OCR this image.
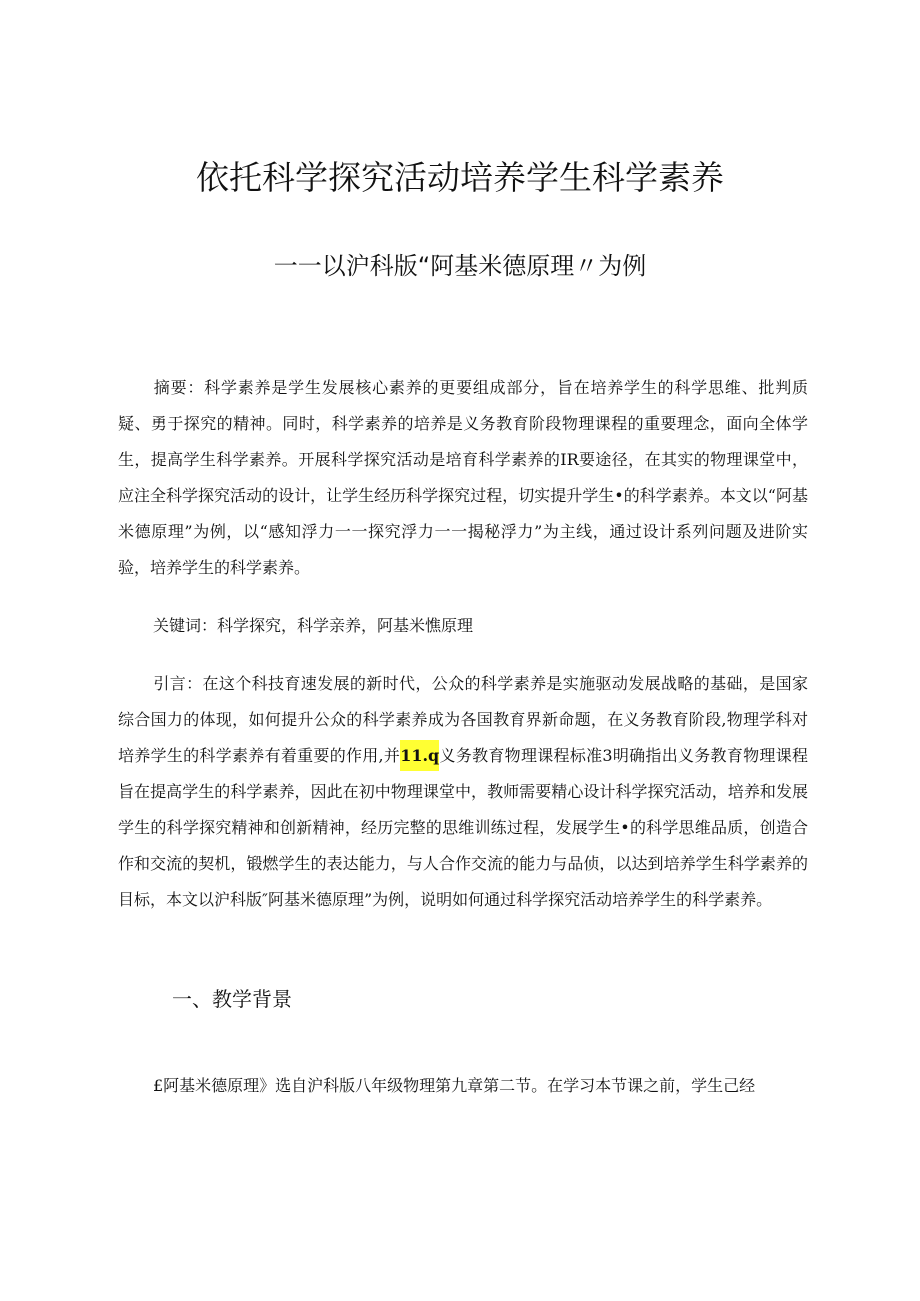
依托科学探究活动培养学生科学素养
一一以沪科版“阿基米德原理〃为例

摘要：科学素养是学生发展核心素养的更要组成部分，旨在培养学生的科学思维、批判质疑、勇于探究的精神。同时，科学素养的培养是义务教育阶段物理课程的重要理念，面向全体学生，提高学生科学素养。开展科学探究活动是培育科学素养的IR要途径，在其实的物理课堂中，应注全科学探究活动的设计，让学生经历科学探究过程，切实提升学生•的科学素养。本文以“阿基米德原理”为例，以“感知浮力一一探究浮力一一揭秘浮力”为主线，通过设计系列问题及进阶实验，培养学生的科学素养。

关键词：科学探究，科学亲养，阿基米憔原理

引言：在这个科技育速发展的新时代，公众的科学素养是实施驱动发展战略的基础，是国家综合国力的体现，如何提升公众的科学素养成为各国教育界新命题，在义务教育阶段,物理学科对培养学生的科学素养有着重要的作用,并11.q义务教育物理课程标准3明确指出义务教育物理课程旨在提高学生的科学素养，因此在初中物理课堂中，教师需要精心设计科学探究活动，培养和发展学生的科学探究精神和创新精神，经历完整的思维训练过程，发展学生•的科学思维品质，创造合作和交流的契机，锻燃学生的表达能力，与人合作交流的能力与品侦，以达到培养学生科学素养的目标，本文以沪科版″阿基米德原理”为例，说明如何通过科学探究活动培养学生的科学素养。

一、教学背景

£阿基米德原理》选自沪科版八年级物理第九章第二节。在学习本节课之前，学生己经
